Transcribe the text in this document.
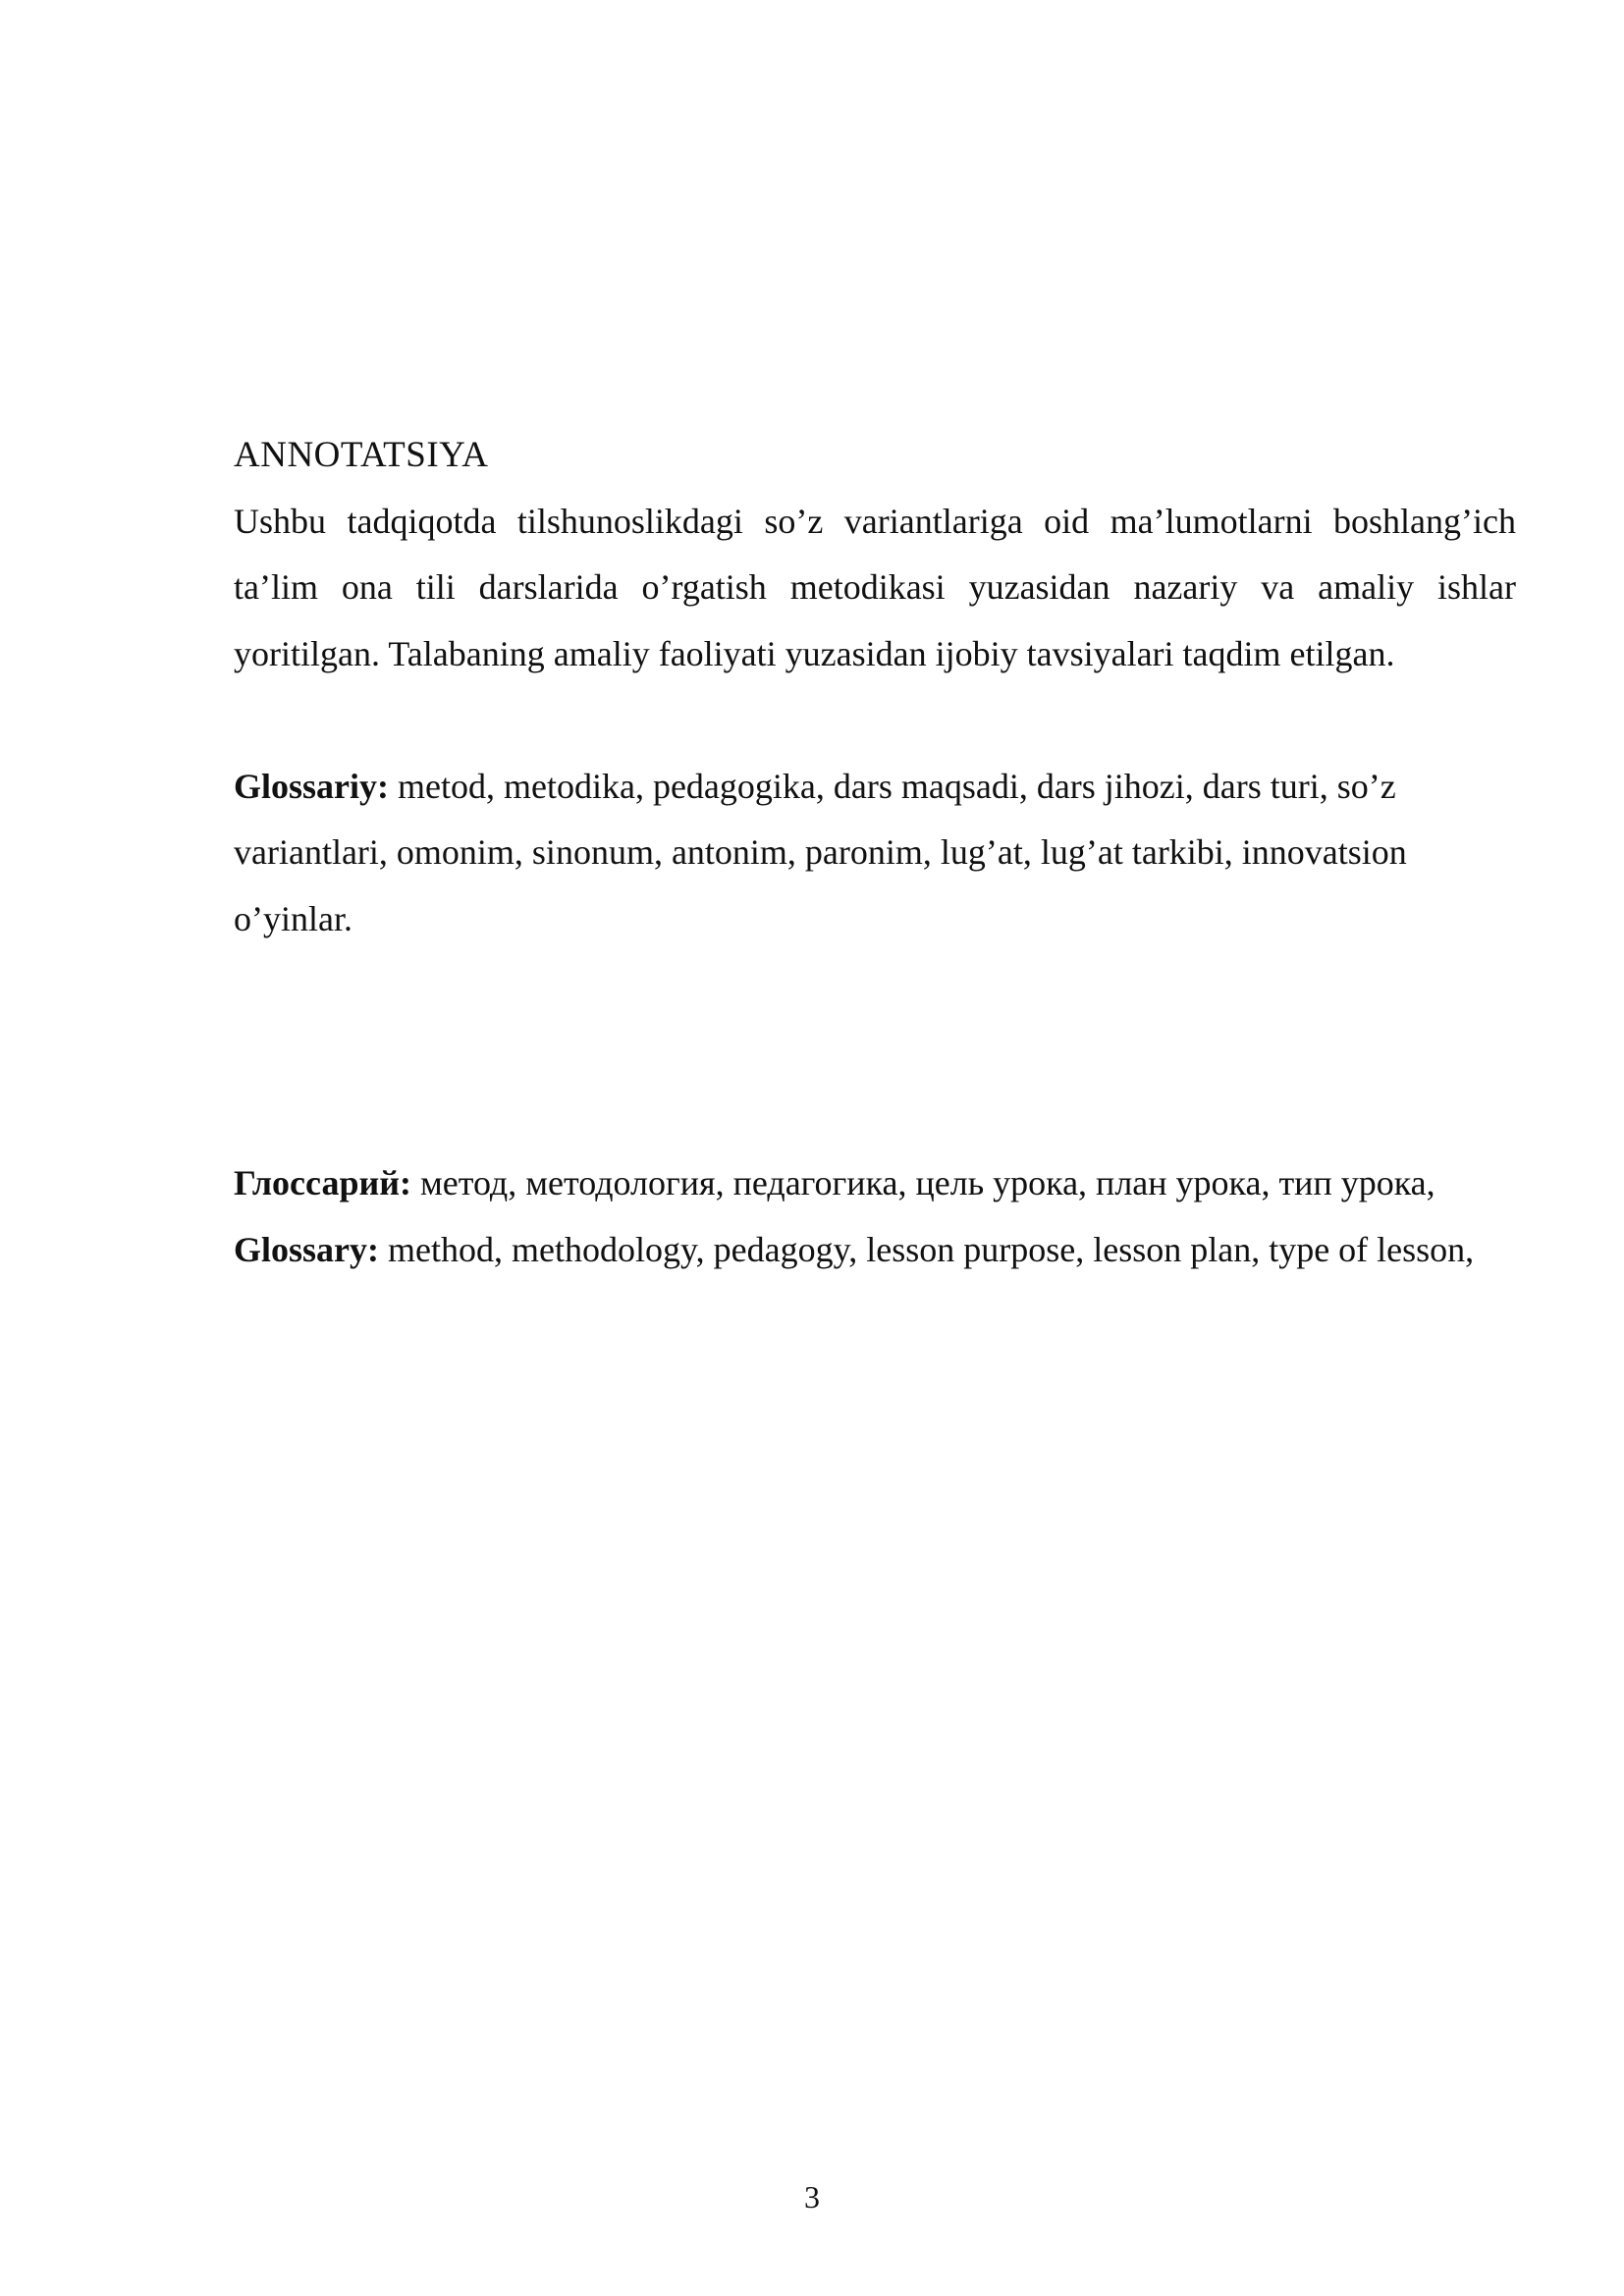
ANNOTATSIYA

Ushbu tadqiqotda tilshunoslikdagi so’z variantlariga oid ma’lumotlarni boshlang’ich ta’lim ona tili darslarida o’rgatish metodikasi yuzasidan nazariy va amaliy ishlar yoritilgan. Talabaning amaliy faoliyati yuzasidan ijobiy tavsiyalari taqdim etilgan.

Glossariy: metod, metodika, pedagogika, dars maqsadi, dars jihozi, dars turi, so’z variantlari, omonim, sinonum, antonim, paronim, lug’at, lug’at tarkibi, innovatsion o’yinlar.

Глоссарий: метод, методология, педагогика, цель урока, план урока, тип урока,

Glossary: method, methodology, pedagogy, lesson purpose, lesson plan, type of lesson,

3
